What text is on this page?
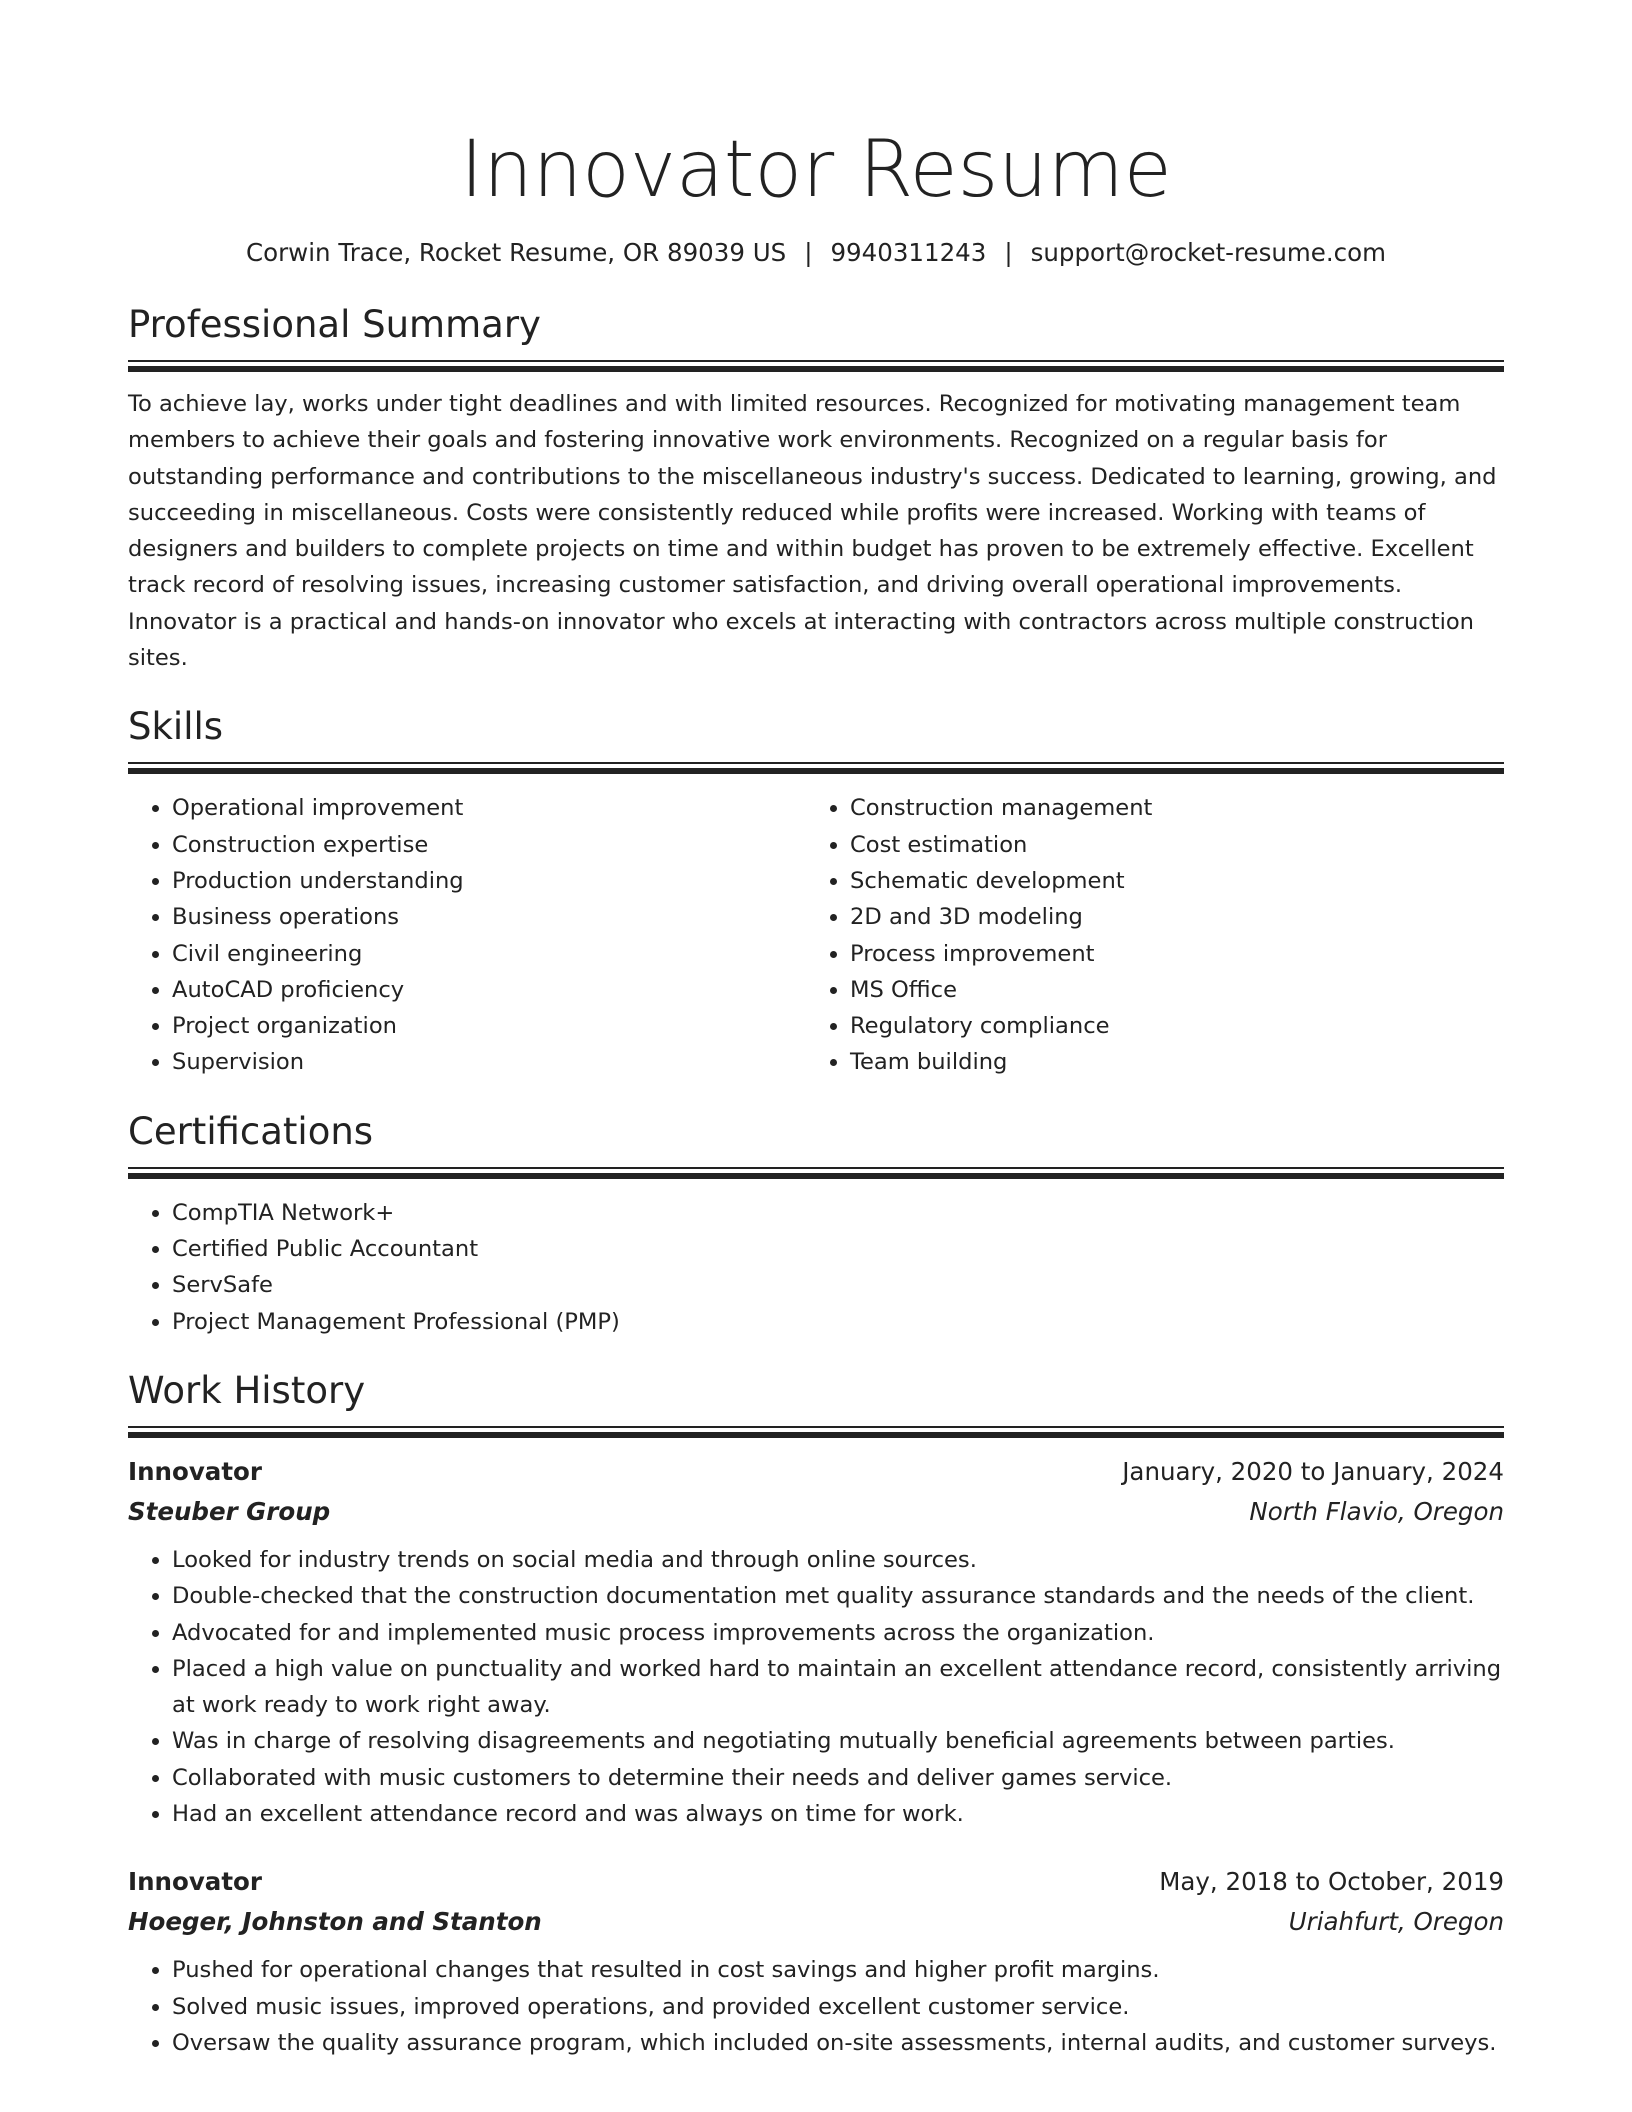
Innovator Resume
Corwin Trace, Rocket Resume, OR 89039 US | 9940311243 | support@rocket-resume.com
Professional Summary

To achieve lay, works under tight deadlines and with limited resources. Recognized for motivating management team members to achieve their goals and fostering innovative work environments. Recognized on a regular basis for outstanding performance and contributions to the miscellaneous industry's success. Dedicated to learning, growing, and succeeding in miscellaneous. Costs were consistently reduced while profits were increased. Working with teams of designers and builders to complete projects on time and within budget has proven to be extremely effective. Excellent track record of resolving issues, increasing customer satisfaction, and driving overall operational improvements. Innovator is a practical and hands-on innovator who excels at interacting with contractors across multiple construction sites.

Skills
• Operational improvement
• Construction expertise
• Production understanding
• Business operations
• Civil engineering
• AutoCAD proficiency
• Project organization
• Supervision
• Construction management
• Cost estimation
• Schematic development
• 2D and 3D modeling
• Process improvement
• MS Office
• Regulatory compliance
• Team building
Certifications
• CompTIA Network+
• Certified Public Accountant
• ServSafe
• Project Management Professional (PMP)
Work History
Innovator	January, 2020 to January, 2024
Steuber Group	North Flavio, Oregon
• Looked for industry trends on social media and through online sources.
• Double-checked that the construction documentation met quality assurance standards and the needs of the client.
• Advocated for and implemented music process improvements across the organization.
• Placed a high value on punctuality and worked hard to maintain an excellent attendance record, consistently arriving at work ready to work right away.
• Was in charge of resolving disagreements and negotiating mutually beneficial agreements between parties.
• Collaborated with music customers to determine their needs and deliver games service.
• Had an excellent attendance record and was always on time for work.
Innovator	May, 2018 to October, 2019
Hoeger, Johnston and Stanton	Uriahfurt, Oregon
• Pushed for operational changes that resulted in cost savings and higher profit margins.
• Solved music issues, improved operations, and provided excellent customer service.
• Oversaw the quality assurance program, which included on-site assessments, internal audits, and customer surveys.
